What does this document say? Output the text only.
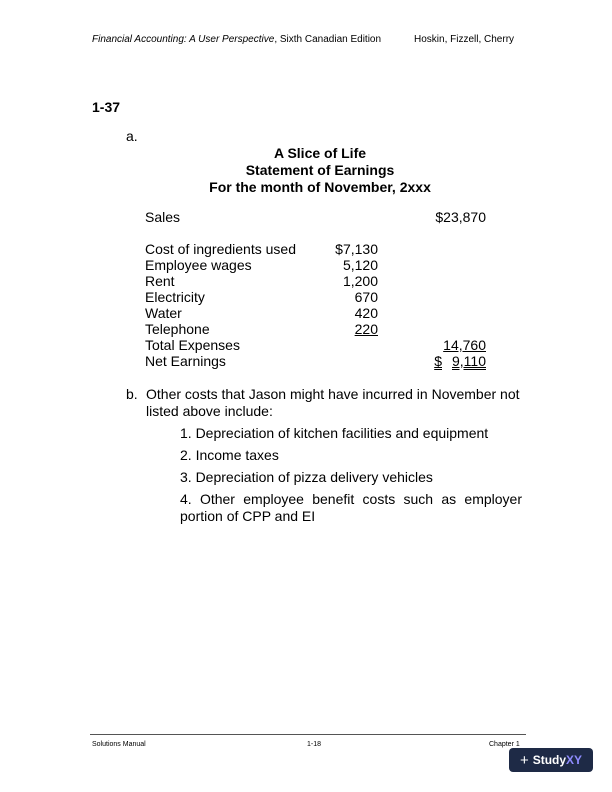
Financial Accounting: A User Perspective, Sixth Canadian Edition	Hoskin, Fizzell, Cherry
1-37
a.
A Slice of Life
Statement of Earnings
For the month of November, 2xxx
Sales	$23,870
Cost of ingredients used	$7,130
Employee wages	5,120
Rent	1,200
Electricity	670
Water	420
Telephone	220
Total Expenses	14,760
Net Earnings	$ 9,110
b. Other costs that Jason might have incurred in November not listed above include:
1. Depreciation of kitchen facilities and equipment
2. Income taxes
3. Depreciation of pizza delivery vehicles
4. Other employee benefit costs such as employer portion of CPP and EI
Solutions Manual	1-18	Chapter 1
+ Study XY
